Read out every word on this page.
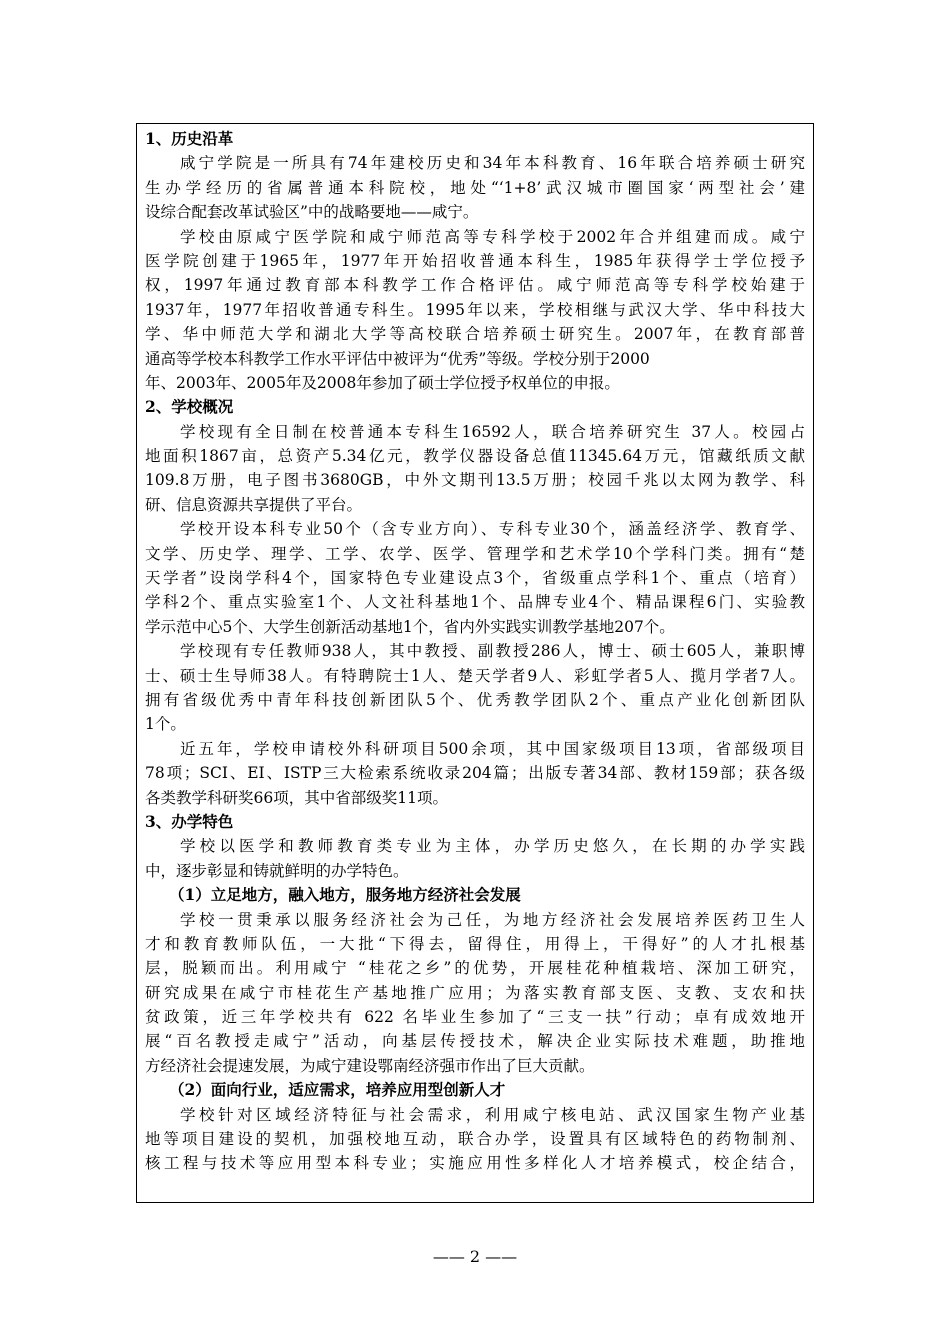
1、历史沿革
咸宁学院是一所具有74年建校历史和34年本科教育、16年联合培养硕士研究
生办学经历的省属普通本科院校，地处“‘1+8’武汉城市圈国家‘两型社会’建
设综合配套改革试验区”中的战略要地——咸宁。
学校由原咸宁医学院和咸宁师范高等专科学校于2002年合并组建而成。咸宁
医学院创建于1965年，1977年开始招收普通本科生，1985年获得学士学位授予
权，1997年通过教育部本科教学工作合格评估。咸宁师范高等专科学校始建于
1937年，1977年招收普通专科生。1995年以来，学校相继与武汉大学、华中科技大
学、华中师范大学和湖北大学等高校联合培养硕士研究生。2007年，在教育部普
通高等学校本科教学工作水平评估中被评为“优秀”等级。学校分别于2000
年、2003年、2005年及2008年参加了硕士学位授予权单位的申报。
2、学校概况
学校现有全日制在校普通本专科生16592人，联合培养研究生 37人。校园占
地面积1867亩，总资产5.34亿元，教学仪器设备总值11345.64万元，馆藏纸质文献
109.8万册，电子图书3680GB，中外文期刊13.5万册；校园千兆以太网为教学、科
研、信息资源共享提供了平台。
学校开设本科专业50个（含专业方向）、专科专业30个，涵盖经济学、教育学、
文学、历史学、理学、工学、农学、医学、管理学和艺术学10个学科门类。拥有“楚
天学者”设岗学科4个，国家特色专业建设点3个，省级重点学科1个、重点（培育）
学科2个、重点实验室1个、人文社科基地1个、品牌专业4个、精品课程6门、实验教
学示范中心5个、大学生创新活动基地1个，省内外实践实训教学基地207个。
学校现有专任教师938人，其中教授、副教授286人，博士、硕士605人，兼职博
士、硕士生导师38人。有特聘院士1人、楚天学者9人、彩虹学者5人、揽月学者7人。
拥有省级优秀中青年科技创新团队5个、优秀教学团队2个、重点产业化创新团队
1个。
近五年，学校申请校外科研项目500余项，其中国家级项目13项，省部级项目
78项；SCI、EI、ISTP三大检索系统收录204篇；出版专著34部、教材159部；获各级
各类教学科研奖66项，其中省部级奖11项。
3、办学特色
学校以医学和教师教育类专业为主体，办学历史悠久，在长期的办学实践
中，逐步彰显和铸就鲜明的办学特色。
（1）立足地方，融入地方，服务地方经济社会发展
学校一贯秉承以服务经济社会为己任，为地方经济社会发展培养医药卫生人
才和教育教师队伍，一大批“下得去，留得住，用得上，干得好”的人才扎根基
层，脱颖而出。利用咸宁 “桂花之乡”的优势，开展桂花种植栽培、深加工研究，
研究成果在咸宁市桂花生产基地推广应用；为落实教育部支医、支教、支农和扶
贫政策，近三年学校共有 622 名毕业生参加了“三支一扶”行动；卓有成效地开
展“百名教授走咸宁”活动，向基层传授技术，解决企业实际技术难题，助推地
方经济社会提速发展，为咸宁建设鄂南经济强市作出了巨大贡献。
（2）面向行业，适应需求，培养应用型创新人才
学校针对区域经济特征与社会需求，利用咸宁核电站、武汉国家生物产业基
地等项目建设的契机，加强校地互动，联合办学，设置具有区域特色的药物制剂、
核工程与技术等应用型本科专业；实施应用性多样化人才培养模式，校企结合，
—— 2 ——
